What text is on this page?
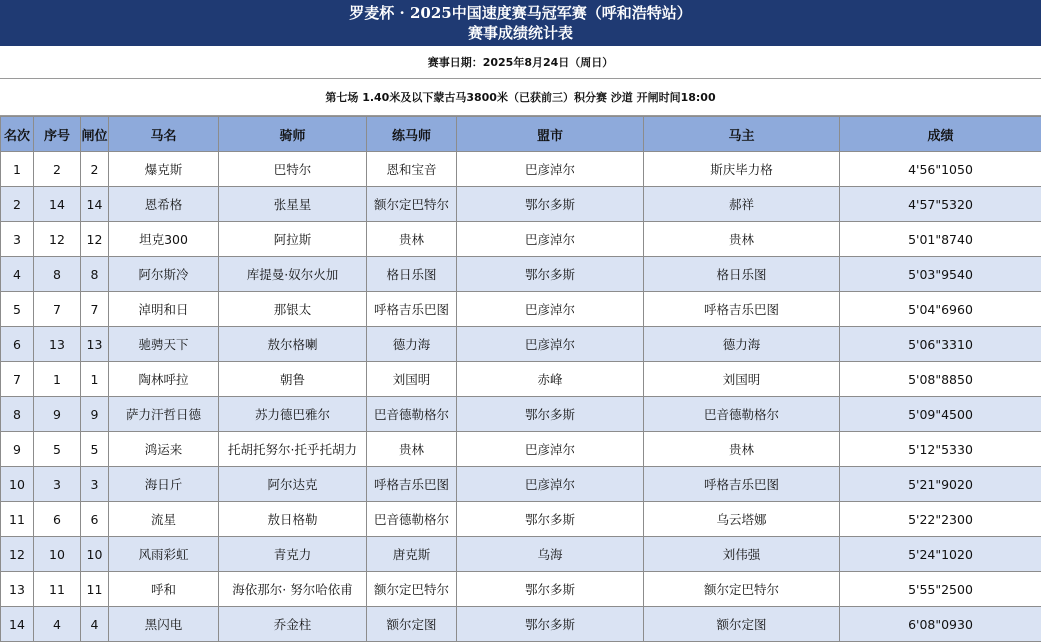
罗麦杯 · 2025中国速度赛马冠军赛（呼和浩特站）
赛事成绩统计表
赛事日期：2025年8月24日（周日）
第七场 1.40米及以下蒙古马3800米（已获前三）积分赛 沙道 开闸时间18:00
名次	序号	闸位	马名	骑师	练马师	盟市	马主	成绩
1	2	2	爆克斯	巴特尔	恩和宝音	巴彦淖尔	斯庆毕力格	4'56"1050
2	14	14	恩希格	张星星	额尔定巴特尔	鄂尔多斯	郝祥	4'57"5320
3	12	12	坦克300	阿拉斯	贵林	巴彦淖尔	贵林	5'01"8740
4	8	8	阿尔斯冷	库提曼·奴尔火加	格日乐图	鄂尔多斯	格日乐图	5'03"9540
5	7	7	淖明和日	那银太	呼格吉乐巴图	巴彦淖尔	呼格吉乐巴图	5'04"6960
6	13	13	驰骋天下	敖尔格喇	德力海	巴彦淖尔	德力海	5'06"3310
7	1	1	陶林呼拉	朝鲁	刘国明	赤峰	刘国明	5'08"8850
8	9	9	萨力汗哲日德	苏力德巴雅尔	巴音德勒格尔	鄂尔多斯	巴音德勒格尔	5'09"4500
9	5	5	鸿运来	托胡托努尔·托乎托胡力	贵林	巴彦淖尔	贵林	5'12"5330
10	3	3	海日斤	阿尔达克	呼格吉乐巴图	巴彦淖尔	呼格吉乐巴图	5'21"9020
11	6	6	流星	敖日格勒	巴音德勒格尔	鄂尔多斯	乌云塔娜	5'22"2300
12	10	10	风雨彩虹	青克力	唐克斯	乌海	刘伟强	5'24"1020
13	11	11	呼和	海依那尔· 努尔哈依甫	额尔定巴特尔	鄂尔多斯	额尔定巴特尔	5'55"2500
14	4	4	黑闪电	乔金柱	额尔定图	鄂尔多斯	额尔定图	6'08"0930
